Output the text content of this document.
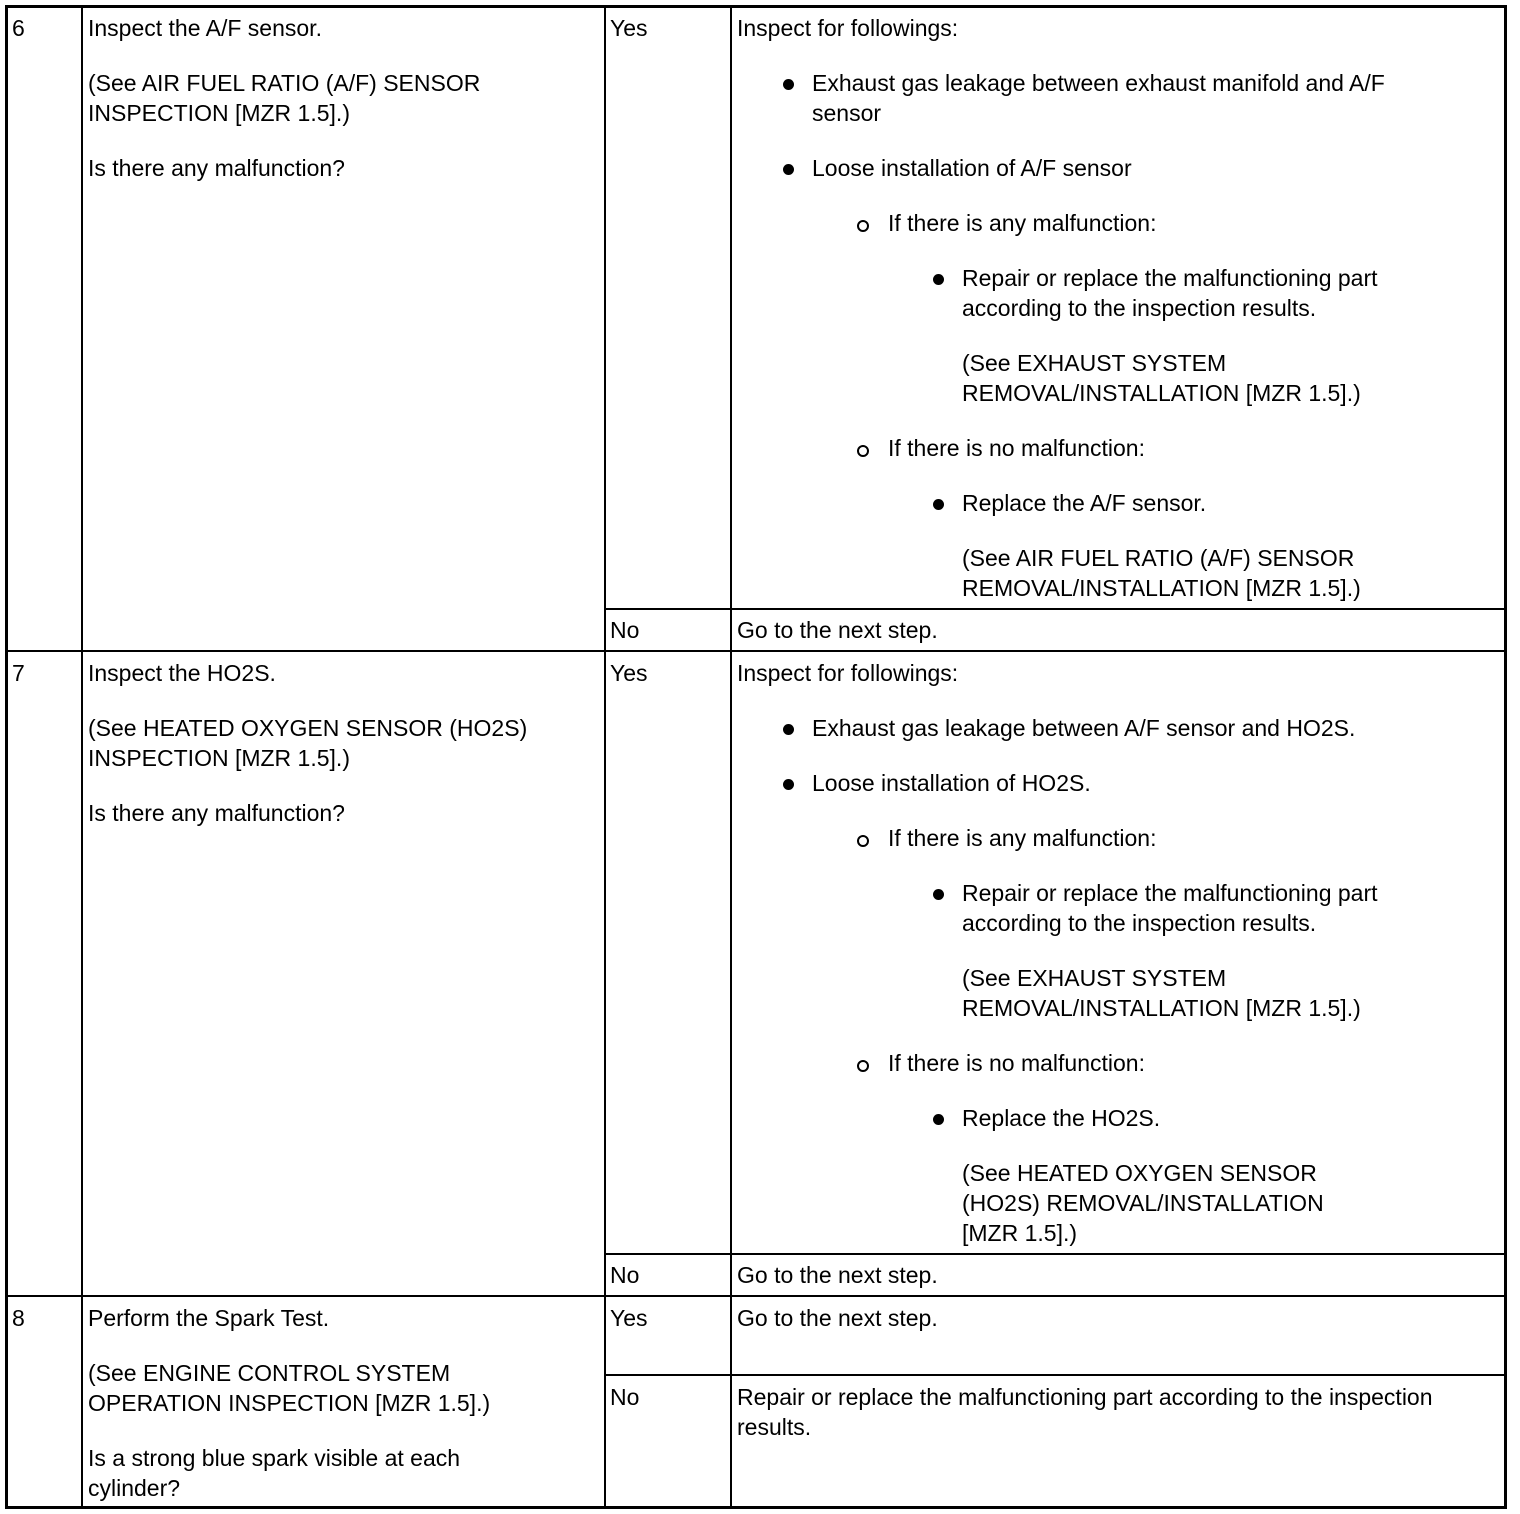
6	Inspect the A/F sensor.
(See AIR FUEL RATIO (A/F) SENSOR
INSPECTION [MZR 1.5].)
Is there any malfunction?
Yes	Inspect for followings:
Exhaust gas leakage between exhaust manifold and A/F
sensor
Loose installation of A/F sensor
If there is any malfunction:
Repair or replace the malfunctioning part
according to the inspection results.
(See EXHAUST SYSTEM
REMOVAL/INSTALLATION [MZR 1.5].)
If there is no malfunction:
Replace the A/F sensor.
(See AIR FUEL RATIO (A/F) SENSOR
REMOVAL/INSTALLATION [MZR 1.5].)
No	Go to the next step.
7	Inspect the HO2S.
(See HEATED OXYGEN SENSOR (HO2S)
INSPECTION [MZR 1.5].)
Is there any malfunction?
Yes	Inspect for followings:
Exhaust gas leakage between A/F sensor and HO2S.
Loose installation of HO2S.
If there is any malfunction:
Repair or replace the malfunctioning part
according to the inspection results.
(See EXHAUST SYSTEM
REMOVAL/INSTALLATION [MZR 1.5].)
If there is no malfunction:
Replace the HO2S.
(See HEATED OXYGEN SENSOR
(HO2S) REMOVAL/INSTALLATION
[MZR 1.5].)
No	Go to the next step.
8	Perform the Spark Test.
(See ENGINE CONTROL SYSTEM
OPERATION INSPECTION [MZR 1.5].)
Is a strong blue spark visible at each
cylinder?
Yes	Go to the next step.
No	Repair or replace the malfunctioning part according to the inspection
results.
